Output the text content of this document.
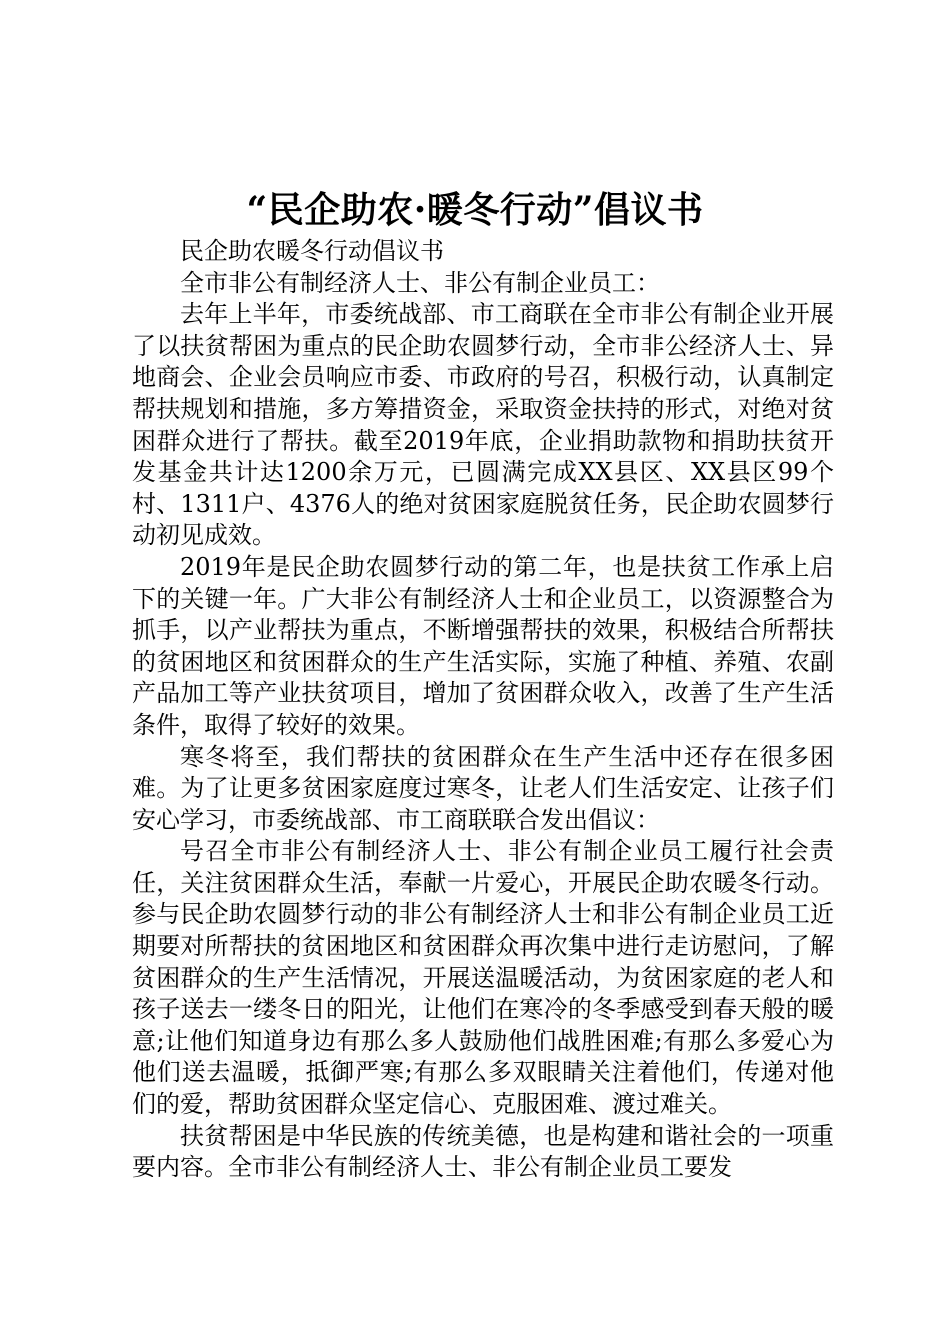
“民企助农·暖冬行动”倡议书

民企助农暖冬行动倡议书

全市非公有制经济人士、非公有制企业员工：

去年上半年，市委统战部、市工商联在全市非公有制企业开展了以扶贫帮困为重点的民企助农圆梦行动，全市非公经济人士、异地商会、企业会员响应市委、市政府的号召，积极行动，认真制定帮扶规划和措施，多方筹措资金，采取资金扶持的形式，对绝对贫困群众进行了帮扶。截至2019年底，企业捐助款物和捐助扶贫开发基金共计达1200余万元，已圆满完成XX县区、XX县区99个村、1311户、4376人的绝对贫困家庭脱贫任务，民企助农圆梦行动初见成效。

2019年是民企助农圆梦行动的第二年，也是扶贫工作承上启下的关键一年。广大非公有制经济人士和企业员工，以资源整合为抓手，以产业帮扶为重点，不断增强帮扶的效果，积极结合所帮扶的贫困地区和贫困群众的生产生活实际，实施了种植、养殖、农副产品加工等产业扶贫项目，增加了贫困群众收入，改善了生产生活条件，取得了较好的效果。

寒冬将至，我们帮扶的贫困群众在生产生活中还存在很多困难。为了让更多贫困家庭度过寒冬，让老人们生活安定、让孩子们安心学习，市委统战部、市工商联联合发出倡议：

号召全市非公有制经济人士、非公有制企业员工履行社会责任，关注贫困群众生活，奉献一片爱心，开展民企助农暖冬行动。参与民企助农圆梦行动的非公有制经济人士和非公有制企业员工近期要对所帮扶的贫困地区和贫困群众再次集中进行走访慰问，了解贫困群众的生产生活情况，开展送温暖活动，为贫困家庭的老人和孩子送去一缕冬日的阳光，让他们在寒冷的冬季感受到春天般的暖意;让他们知道身边有那么多人鼓励他们战胜困难;有那么多爱心为他们送去温暖，抵御严寒;有那么多双眼睛关注着他们，传递对他们的爱，帮助贫困群众坚定信心、克服困难、渡过难关。

扶贫帮困是中华民族的传统美德，也是构建和谐社会的一项重要内容。全市非公有制经济人士、非公有制企业员工要发
